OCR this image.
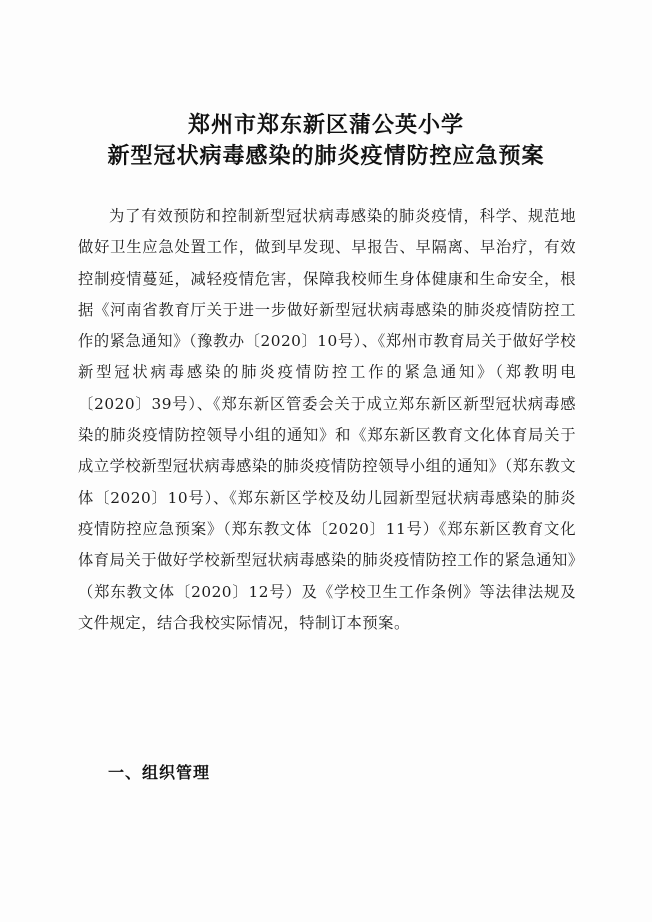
郑州市郑东新区蒲公英小学
新型冠状病毒感染的肺炎疫情防控应急预案

为了有效预防和控制新型冠状病毒感染的肺炎疫情，科学、规范地做好卫生应急处置工作，做到早发现、早报告、早隔离、早治疗，有效控制疫情蔓延，减轻疫情危害，保障我校师生身体健康和生命安全，根据《河南省教育厅关于进一步做好新型冠状病毒感染的肺炎疫情防控工作的紧急通知》（豫教办〔2020〕10号）、《郑州市教育局关于做好学校新型冠状病毒感染的肺炎疫情防控工作的紧急通知》（郑教明电〔2020〕39号）、《郑东新区管委会关于成立郑东新区新型冠状病毒感染的肺炎疫情防控领导小组的通知》和《郑东新区教育文化体育局关于成立学校新型冠状病毒感染的肺炎疫情防控领导小组的通知》（郑东教文体〔2020〕10号）、《郑东新区学校及幼儿园新型冠状病毒感染的肺炎疫情防控应急预案》（郑东教文体〔2020〕11号）《郑东新区教育文化体育局关于做好学校新型冠状病毒感染的肺炎疫情防控工作的紧急通知》（郑东教文体〔2020〕12号）及《学校卫生工作条例》等法律法规及文件规定，结合我校实际情况，特制订本预案。

一、组织管理
